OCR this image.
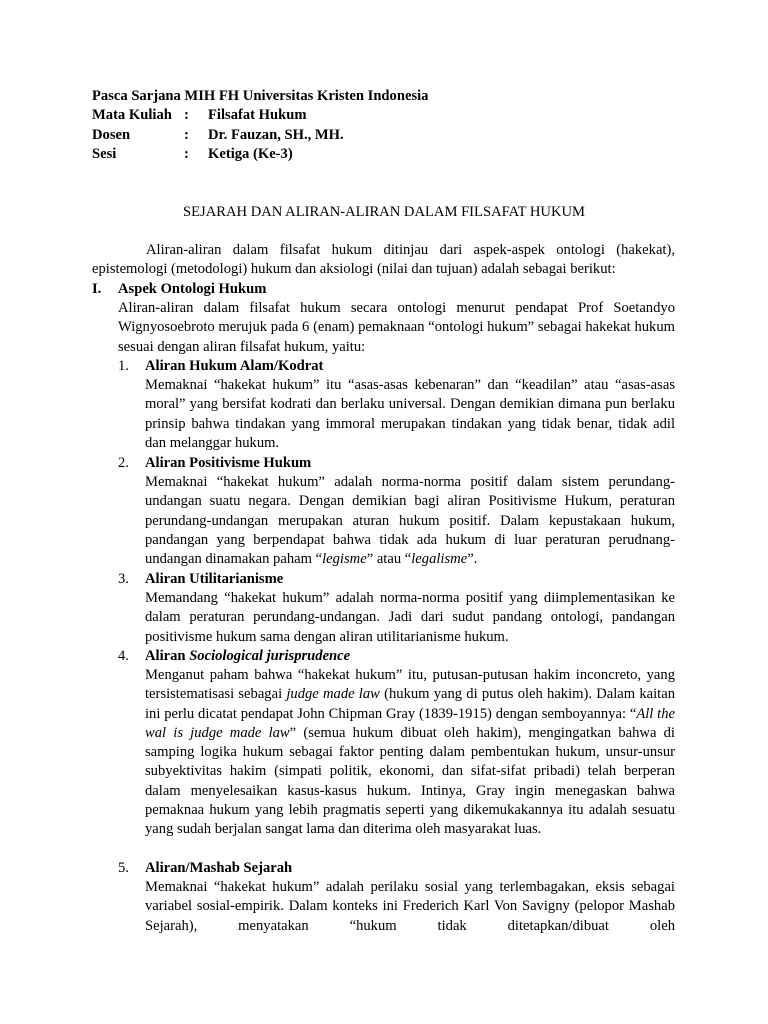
Pasca Sarjana MIH FH Universitas Kristen Indonesia
Mata Kuliah : Filsafat Hukum
Dosen	: Dr. Fauzan, SH., MH.
Sesi	: Ketiga (Ke-3)
SEJARAH DAN ALIRAN-ALIRAN DALAM FILSAFAT HUKUM
Aliran-aliran dalam filsafat hukum ditinjau dari aspek-aspek ontologi (hakekat), epistemologi (metodologi) hukum dan aksiologi (nilai dan tujuan) adalah sebagai berikut:
I. Aspek Ontologi Hukum
Aliran-aliran dalam filsafat hukum secara ontologi menurut pendapat Prof Soetandyo Wignyosoebroto merujuk pada 6 (enam) pemaknaan “ontologi hukum” sebagai hakekat hukum sesuai dengan aliran filsafat hukum, yaitu:
1. Aliran Hukum Alam/Kodrat
Memaknai “hakekat hukum” itu “asas-asas kebenaran” dan “keadilan” atau “asas-asas moral” yang bersifat kodrati dan berlaku universal. Dengan demikian dimana pun berlaku prinsip bahwa tindakan yang immoral merupakan tindakan yang tidak benar, tidak adil dan melanggar hukum.
2. Aliran Positivisme Hukum
Memaknai “hakekat hukum” adalah norma-norma positif dalam sistem perundang-undangan suatu negara. Dengan demikian bagi aliran Positivisme Hukum, peraturan perundang-undangan merupakan aturan hukum positif. Dalam kepustakaan hukum, pandangan yang berpendapat bahwa tidak ada hukum di luar peraturan perudnang-undangan dinamakan paham “legisme” atau “legalisme”.
3. Aliran Utilitarianisme
Memandang “hakekat hukum” adalah norma-norma positif yang diimplementasikan ke dalam peraturan perundang-undangan. Jadi dari sudut pandang ontologi, pandangan positivisme hukum sama dengan aliran utilitarianisme hukum.
4. Aliran Sociological jurisprudence
Menganut paham bahwa “hakekat hukum” itu, putusan-putusan hakim inconcreto, yang tersistematisasi sebagai judge made law (hukum yang di putus oleh hakim). Dalam kaitan ini perlu dicatat pendapat John Chipman Gray (1839-1915) dengan semboyannya: “All the wal is judge made law” (semua hukum dibuat oleh hakim), mengingatkan bahwa di samping logika hukum sebagai faktor penting dalam pembentukan hukum, unsur-unsur subyektivitas hakim (simpati politik, ekonomi, dan sifat-sifat pribadi) telah berperan dalam menyelesaikan kasus-kasus hukum. Intinya, Gray ingin menegaskan bahwa pemaknaa hukum yang lebih pragmatis seperti yang dikemukakannya itu adalah sesuatu yang sudah berjalan sangat lama dan diterima oleh masyarakat luas.
5. Aliran/Mashab Sejarah
Memaknai “hakekat hukum” adalah perilaku sosial yang terlembagakan, eksis sebagai variabel sosial-empirik. Dalam konteks ini Frederich Karl Von Savigny (pelopor Mashab Sejarah), menyatakan “hukum tidak ditetapkan/dibuat oleh
